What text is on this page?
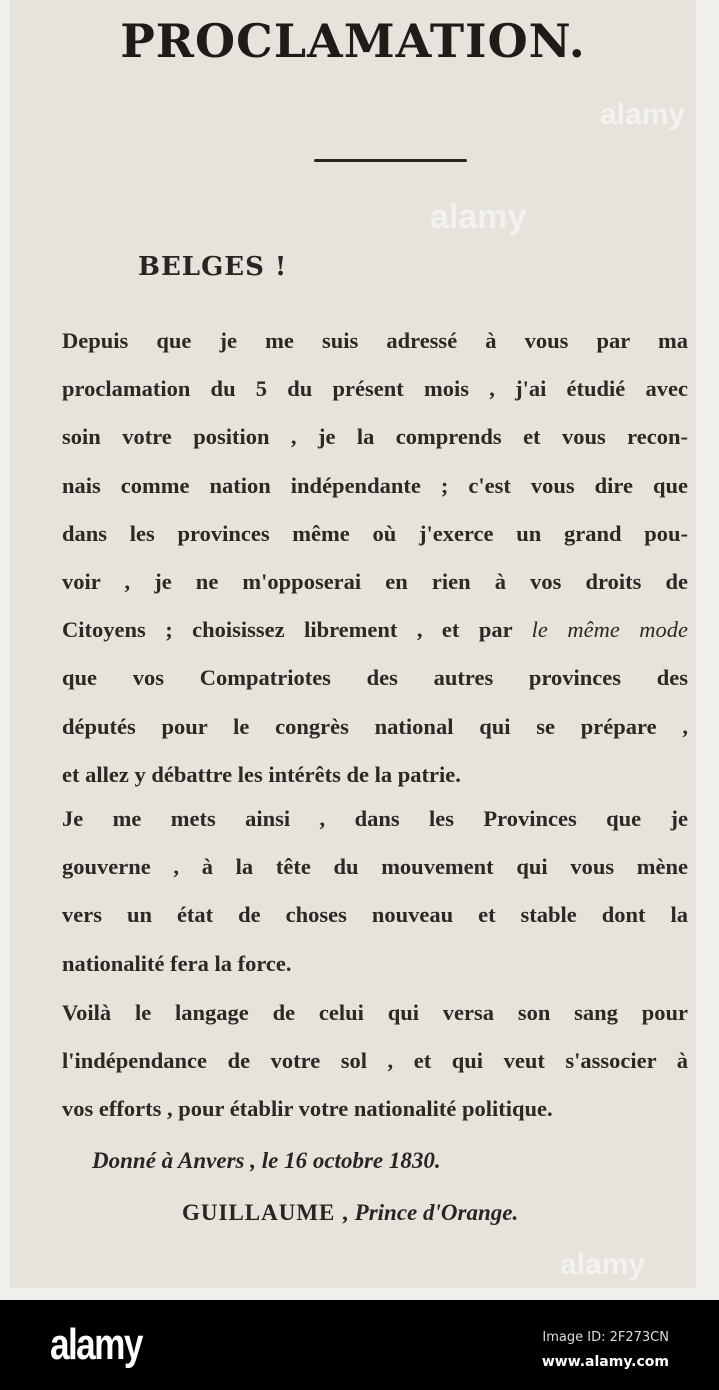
PROCLAMATION.
BELGES !
Depuis que je me suis adressé à vous par ma
proclamation du 5 du présent mois , j'ai étudié avec
soin votre position , je la comprends et vous recon-
nais comme nation indépendante ; c'est vous dire que
dans les provinces même où j'exerce un grand pou-
voir , je ne m'opposerai en rien à vos droits de
Citoyens ; choisissez librement , et par le même mode
que vos Compatriotes des autres provinces des
députés pour le congrès national qui se prépare ,
et allez y débattre les intérêts de la patrie.
Je me mets ainsi , dans les Provinces que je
gouverne , à la tête du mouvement qui vous mène
vers un état de choses nouveau et stable dont la
nationalité fera la force.
Voilà le langage de celui qui versa son sang pour
l'indépendance de votre sol , et qui veut s'associer à
vos efforts , pour établir votre nationalité politique.
Donné à Anvers , le 16 octobre 1830.
GUILLAUME , Prince d'Orange.
alamy
alamy
alamy
alamy	Image ID: 2F273CN
www.alamy.com
